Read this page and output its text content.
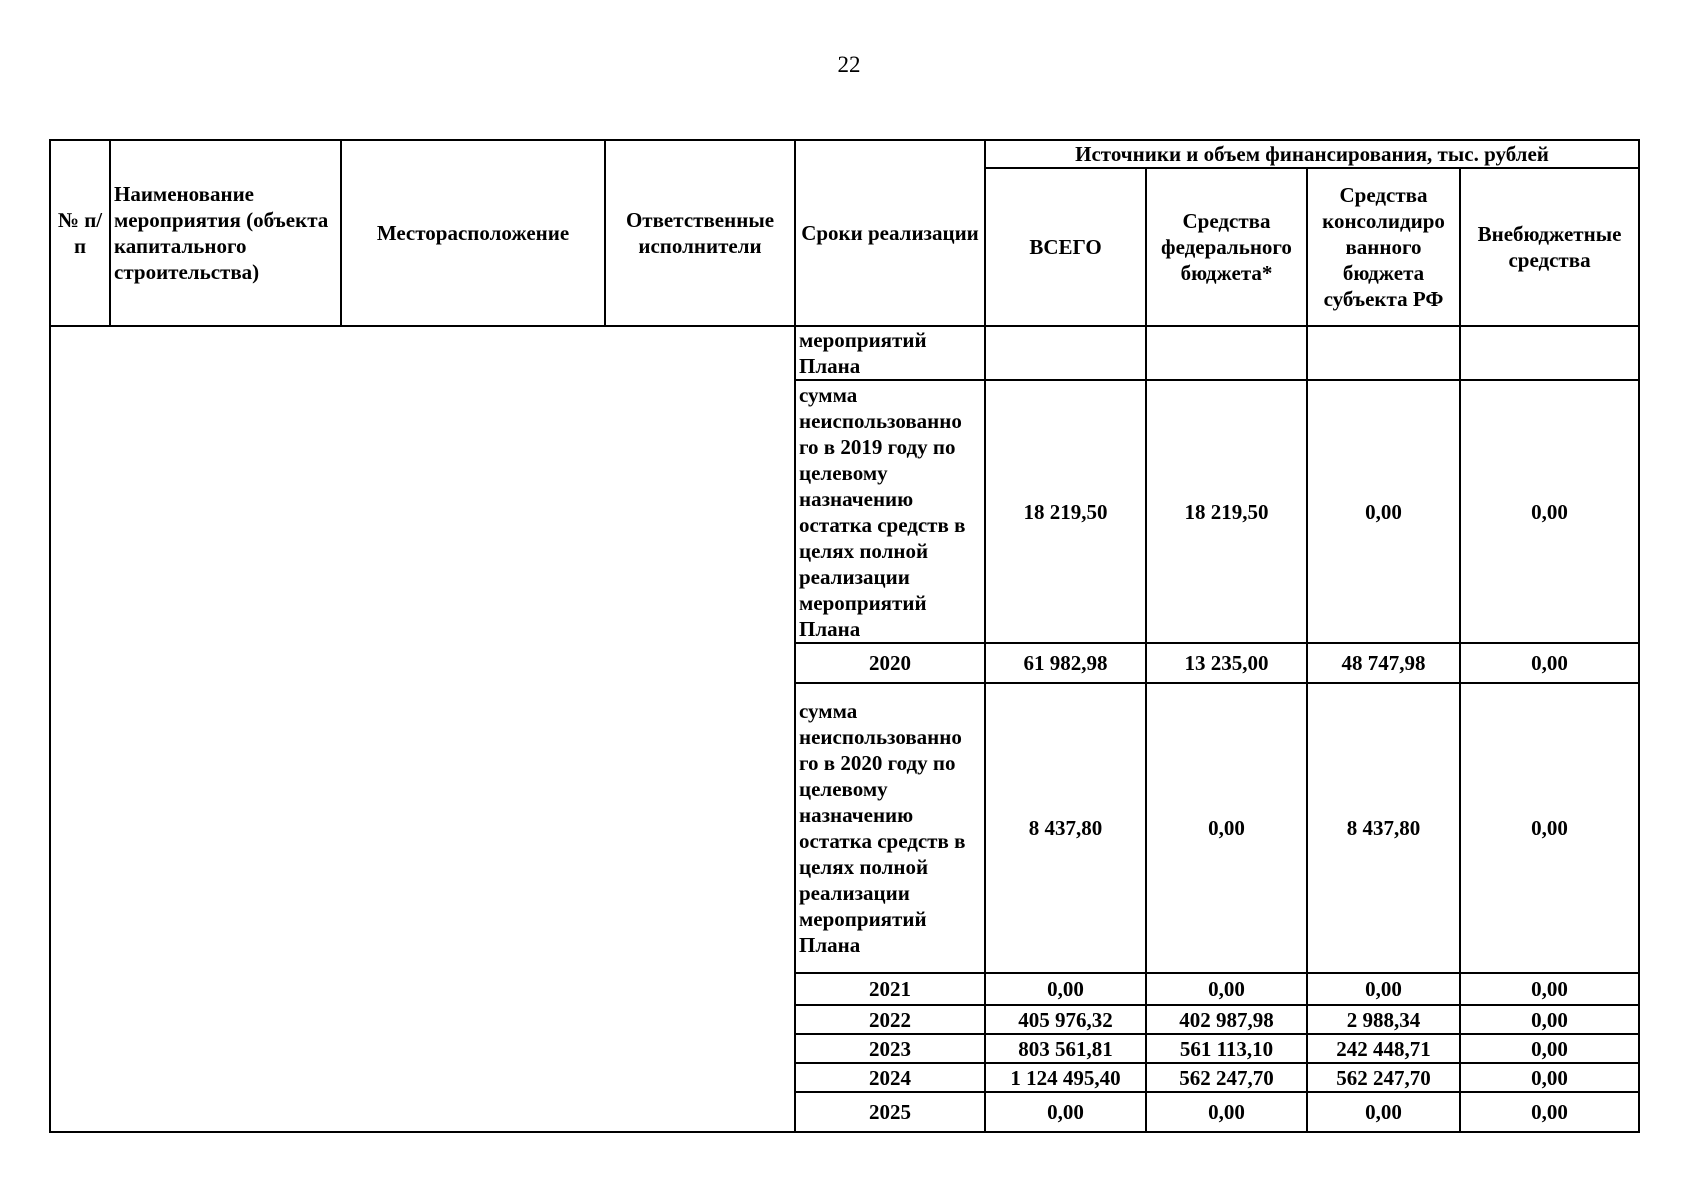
22
№ п/п	Наименование мероприятия (объекта капитального строительства)	Месторасположение	Ответственные исполнители	Сроки реализации	Источники и объем финансирования, тыс. рублей			
					ВСЕГО	Средства федерального бюджета*	Средства консолидиро ванного бюджета субъекта РФ	Внебюджетные средства
				мероприятий Плана				
				сумма неиспользованно го в 2019 году по целевому назначению остатка средств в целях полной реализации мероприятий Плана	18 219,50	18 219,50	0,00	0,00
				2020	61 982,98	13 235,00	48 747,98	0,00
				сумма неиспользованно го в 2020 году по целевому назначению остатка средств в целях полной реализации мероприятий Плана	8 437,80	0,00	8 437,80	0,00
				2021	0,00	0,00	0,00	0,00
				2022	405 976,32	402 987,98	2 988,34	0,00
				2023	803 561,81	561 113,10	242 448,71	0,00
				2024	1 124 495,40	562 247,70	562 247,70	0,00
				2025	0,00	0,00	0,00	0,00
